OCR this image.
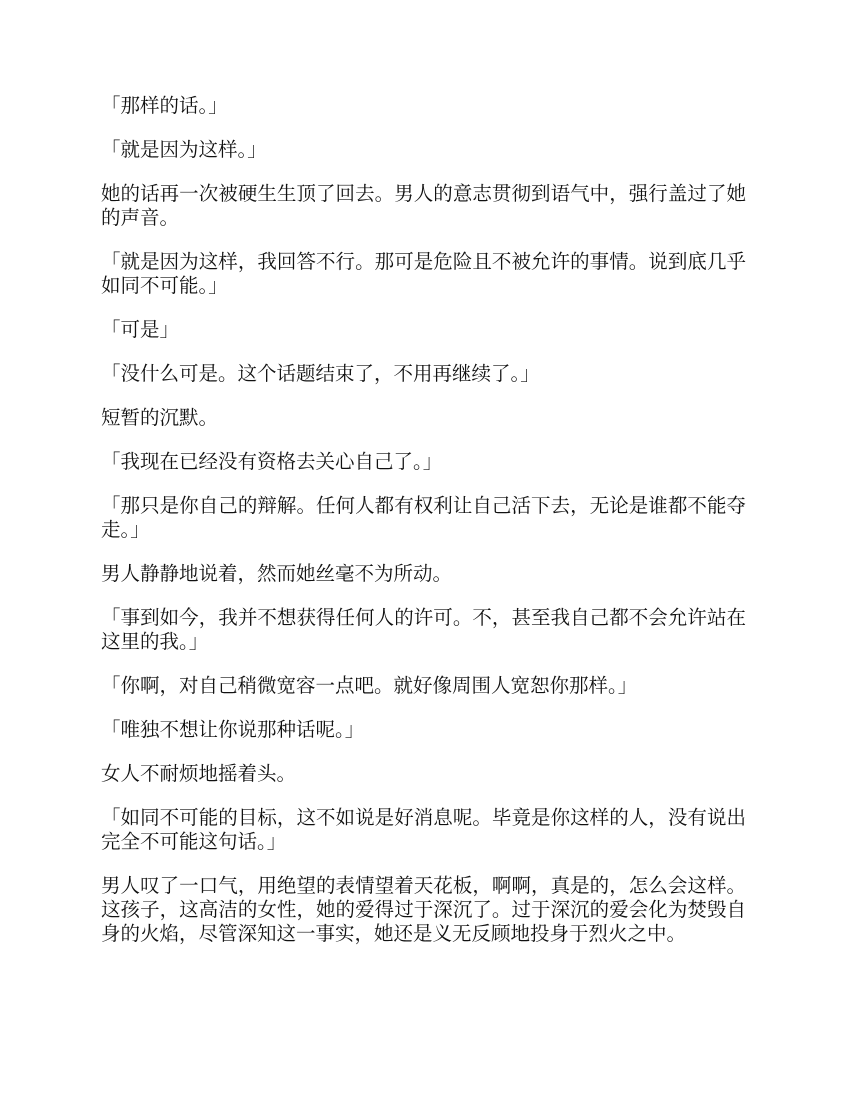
「那样的话。」

「就是因为这样。」

她的话再一次被硬生生顶了回去。男人的意志贯彻到语气中，强行盖过了她的声音。

「就是因为这样，我回答不行。那可是危险且不被允许的事情。说到底几乎如同不可能。」

「可是」

「没什么可是。这个话题结束了，不用再继续了。」

短暂的沉默。

「我现在已经没有资格去关心自己了。」

「那只是你自己的辩解。任何人都有权利让自己活下去，无论是谁都不能夺走。」

男人静静地说着，然而她丝毫不为所动。

「事到如今，我并不想获得任何人的许可。不，甚至我自己都不会允许站在这里的我。」

「你啊，对自己稍微宽容一点吧。就好像周围人宽恕你那样。」

「唯独不想让你说那种话呢。」

女人不耐烦地摇着头。

「如同不可能的目标，这不如说是好消息呢。毕竟是你这样的人，没有说出完全不可能这句话。」

男人叹了一口气，用绝望的表情望着天花板，啊啊，真是的，怎么会这样。这孩子，这高洁的女性，她的爱得过于深沉了。过于深沉的爱会化为焚毁自身的火焰，尽管深知这一事实，她还是义无反顾地投身于烈火之中。
